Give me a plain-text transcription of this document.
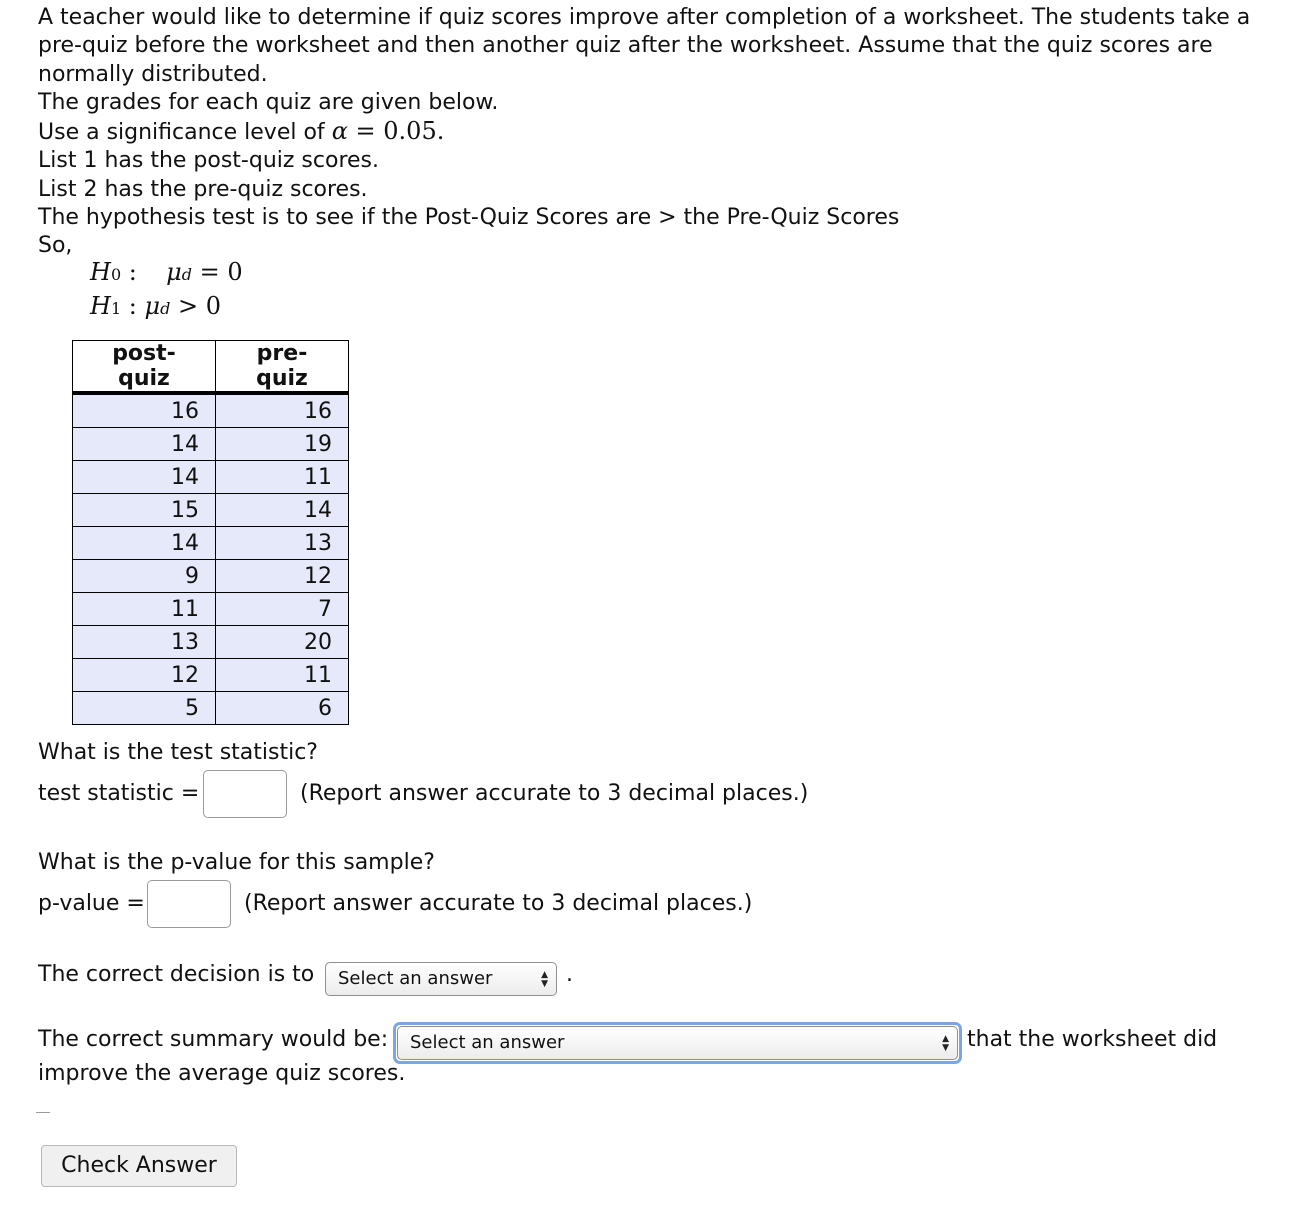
A teacher would like to determine if quiz scores improve after completion of a worksheet. The students take a pre-quiz before the worksheet and then another quiz after the worksheet. Assume that the quiz scores are normally distributed.

The grades for each quiz are given below.

Use a significance level of α = 0.05.

List 1 has the post-quiz scores.

List 2 has the pre-quiz scores.

The hypothesis test is to see if the Post-Quiz Scores are > the Pre-Quiz Scores

So,

H0 :  μd = 0
H1 : μd > 0
post-quiz	pre-quiz
16	16
14	19
14	11
15	14
14	13
9	12
11	7
13	20
12	11
5	6
What is the test statistic?
test statistic =	(Report answer accurate to 3 decimal places.)
What is the p-value for this sample?
p-value =	(Report answer accurate to 3 decimal places.)
The correct decision is to	Select an answer	▲
▼ .
The correct summary would be:	Select an answer	▲
▼ that the worksheet did
improve the average quiz scores.
Check Answer
